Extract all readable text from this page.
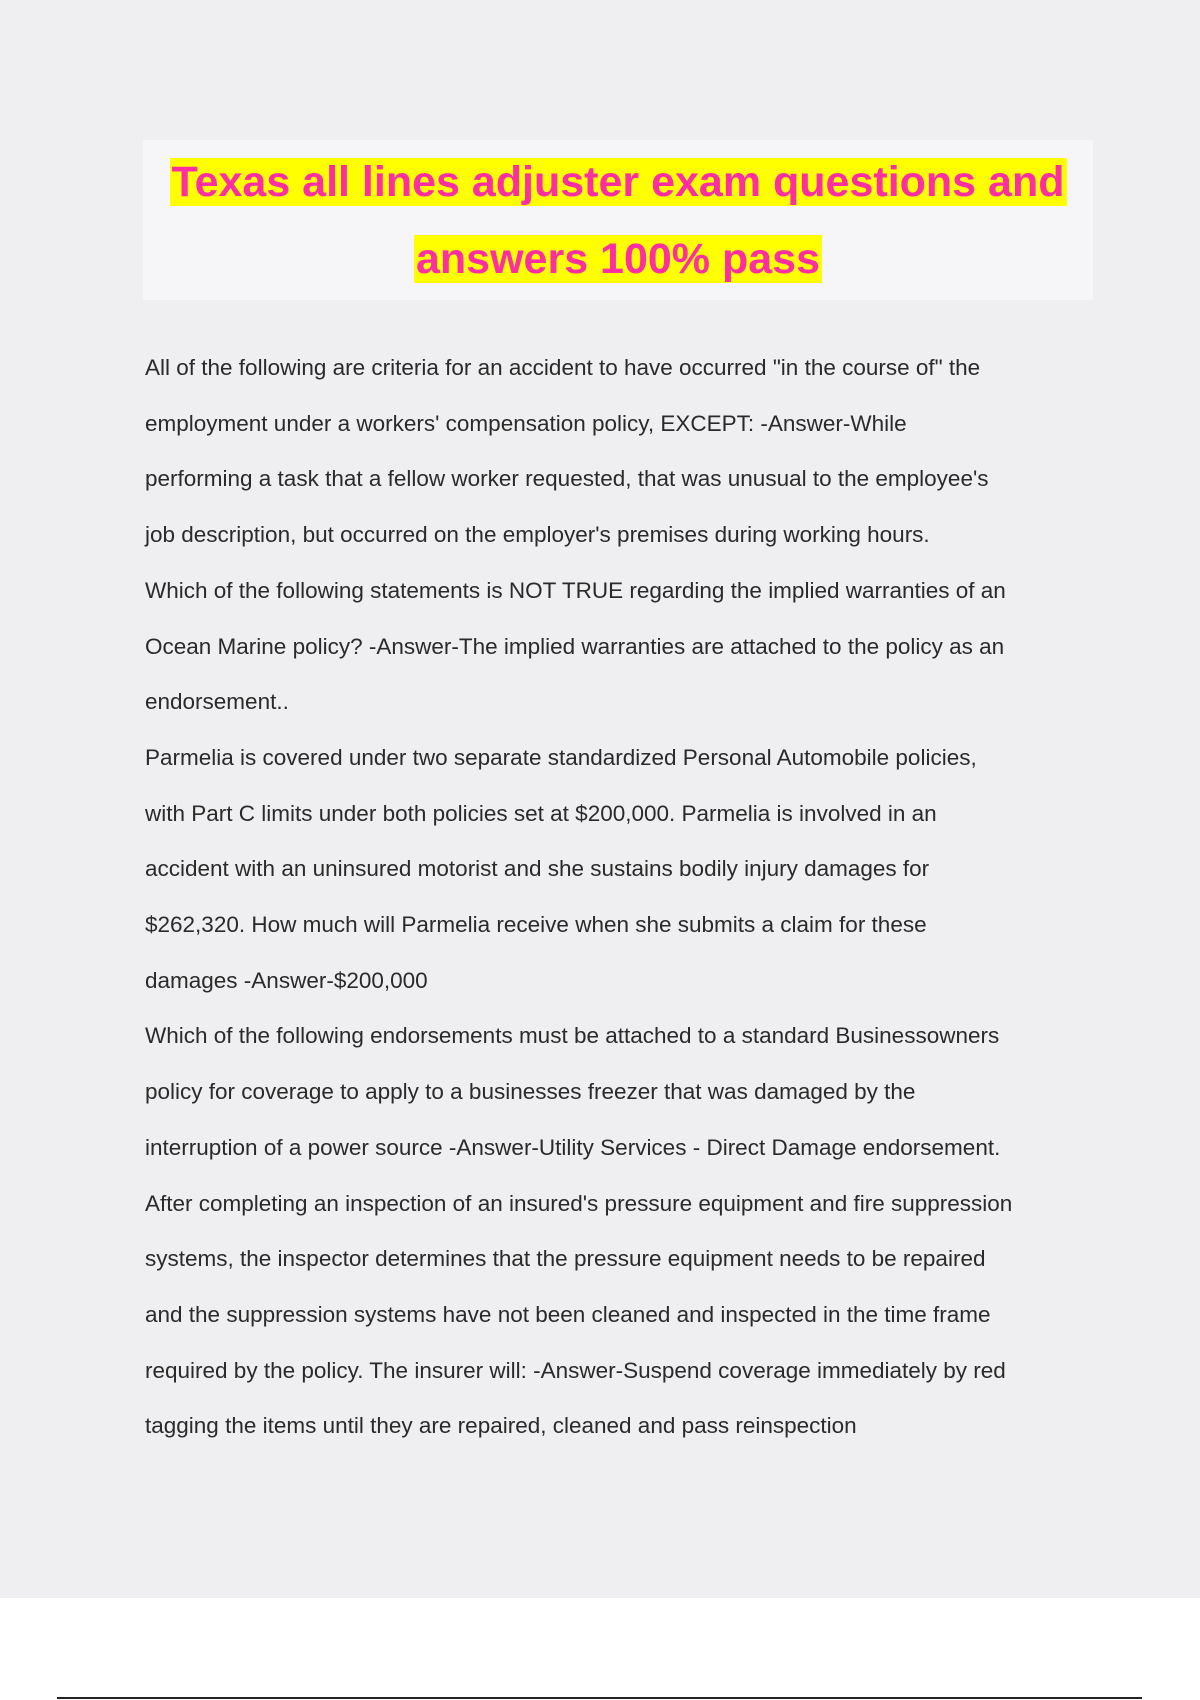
Texas all lines adjuster exam questions and
answers 100% pass

All of the following are criteria for an accident to have occurred "in the course of" the
employment under a workers' compensation policy, EXCEPT: -Answer-While
performing a task that a fellow worker requested, that was unusual to the employee's
job description, but occurred on the employer's premises during working hours.

Which of the following statements is NOT TRUE regarding the implied warranties of an
Ocean Marine policy? -Answer-The implied warranties are attached to the policy as an
endorsement..

Parmelia is covered under two separate standardized Personal Automobile policies,
with Part C limits under both policies set at $200,000. Parmelia is involved in an
accident with an uninsured motorist and she sustains bodily injury damages for
$262,320. How much will Parmelia receive when she submits a claim for these
damages -Answer-$200,000

Which of the following endorsements must be attached to a standard Businessowners
policy for coverage to apply to a businesses freezer that was damaged by the
interruption of a power source -Answer-Utility Services - Direct Damage endorsement.

After completing an inspection of an insured's pressure equipment and fire suppression
systems, the inspector determines that the pressure equipment needs to be repaired
and the suppression systems have not been cleaned and inspected in the time frame
required by the policy. The insurer will: -Answer-Suspend coverage immediately by red
tagging the items until they are repaired, cleaned and pass reinspection
